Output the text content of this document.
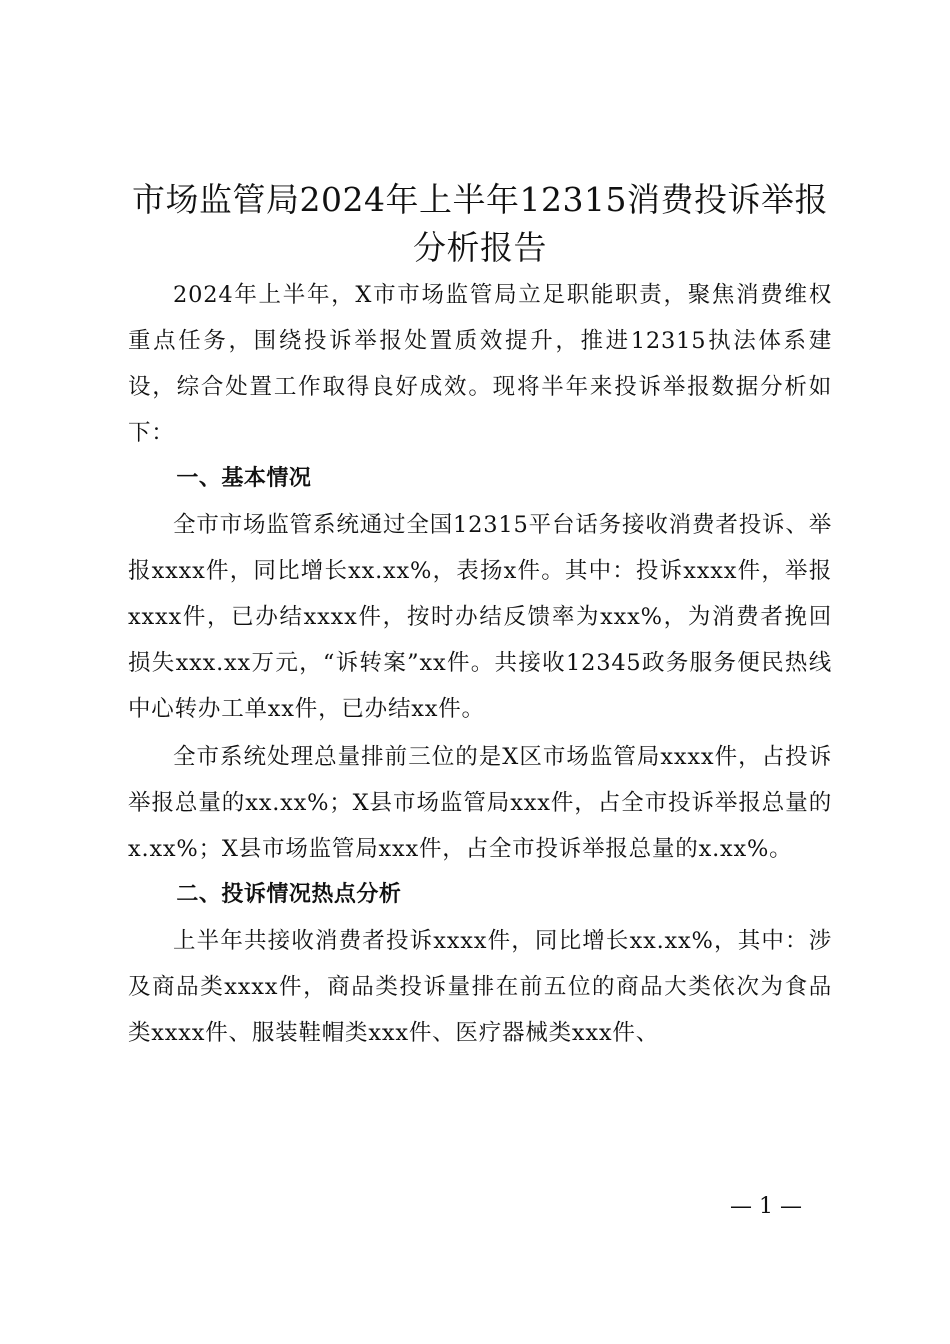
市场监管局2024年上半年12315消费投诉举报分析报告

2024年上半年，X市市场监管局立足职能职责，聚焦消费维权重点任务，围绕投诉举报处置质效提升，推进12315执法体系建设，综合处置工作取得良好成效。现将半年来投诉举报数据分析如下：

一、基本情况

全市市场监管系统通过全国12315平台话务接收消费者投诉、举报xxxx件，同比增长xx.xx%，表扬x件。其中：投诉xxxx件，举报xxxx件，已办结xxxx件，按时办结反馈率为xxx%，为消费者挽回损失xxx.xx万元，“诉转案”xx件。共接收12345政务服务便民热线中心转办工单xx件，已办结xx件。

全市系统处理总量排前三位的是X区市场监管局xxxx件，占投诉举报总量的xx.xx%；X县市场监管局xxx件，占全市投诉举报总量的x.xx%；X县市场监管局xxx件，占全市投诉举报总量的x.xx%。

二、投诉情况热点分析

上半年共接收消费者投诉xxxx件，同比增长xx.xx%，其中：涉及商品类xxxx件，商品类投诉量排在前五位的商品大类依次为食品类xxxx件、服装鞋帽类xxx件、医疗器械类xxx件、

— 1 —
